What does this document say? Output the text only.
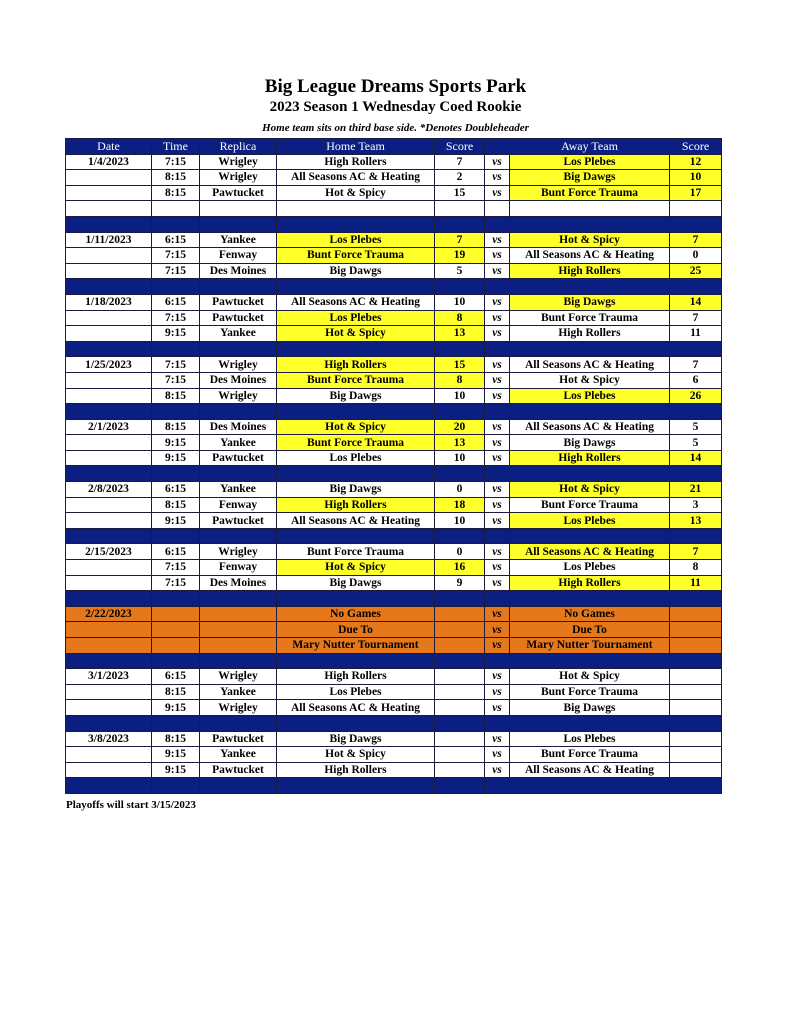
Big League Dreams Sports Park
2023 Season 1 Wednesday Coed Rookie
Home team sits on third base side. *Denotes Doubleheader
Date	Time	Replica	Home Team	Score		Away Team	Score
1/4/2023	7:15	Wrigley	High Rollers	7	vs	Los Plebes	12
	8:15	Wrigley	All Seasons AC & Heating	2	vs	Big Dawgs	10
	8:15	Pawtucket	Hot & Spicy	15	vs	Bunt Force Trauma	17

1/11/2023	6:15	Yankee	Los Plebes	7	vs	Hot & Spicy	7
	7:15	Fenway	Bunt Force Trauma	19	vs	All Seasons AC & Heating	0
	7:15	Des Moines	Big Dawgs	5	vs	High Rollers	25

1/18/2023	6:15	Pawtucket	All Seasons AC & Heating	10	vs	Big Dawgs	14
	7:15	Pawtucket	Los Plebes	8	vs	Bunt Force Trauma	7
	9:15	Yankee	Hot & Spicy	13	vs	High Rollers	11

1/25/2023	7:15	Wrigley	High Rollers	15	vs	All Seasons AC & Heating	7
	7:15	Des Moines	Bunt Force Trauma	8	vs	Hot & Spicy	6
	8:15	Wrigley	Big Dawgs	10	vs	Los Plebes	26

2/1/2023	8:15	Des Moines	Hot & Spicy	20	vs	All Seasons AC & Heating	5
	9:15	Yankee	Bunt Force Trauma	13	vs	Big Dawgs	5
	9:15	Pawtucket	Los Plebes	10	vs	High Rollers	14

2/8/2023	6:15	Yankee	Big Dawgs	0	vs	Hot & Spicy	21
	8:15	Fenway	High Rollers	18	vs	Bunt Force Trauma	3
	9:15	Pawtucket	All Seasons AC & Heating	10	vs	Los Plebes	13

2/15/2023	6:15	Wrigley	Bunt Force Trauma	0	vs	All Seasons AC & Heating	7
	7:15	Fenway	Hot & Spicy	16	vs	Los Plebes	8
	7:15	Des Moines	Big Dawgs	9	vs	High Rollers	11

2/22/2023			No Games		vs	No Games	
			Due To		vs	Due To	
			Mary Nutter Tournament		vs	Mary Nutter Tournament	

3/1/2023	6:15	Wrigley	High Rollers		vs	Hot & Spicy	
	8:15	Yankee	Los Plebes		vs	Bunt Force Trauma	
	9:15	Wrigley	All Seasons AC & Heating		vs	Big Dawgs	

3/8/2023	8:15	Pawtucket	Big Dawgs		vs	Los Plebes	
	9:15	Yankee	Hot & Spicy		vs	Bunt Force Trauma	
	9:15	Pawtucket	High Rollers		vs	All Seasons AC & Heating	

Playoffs will start 3/15/2023
